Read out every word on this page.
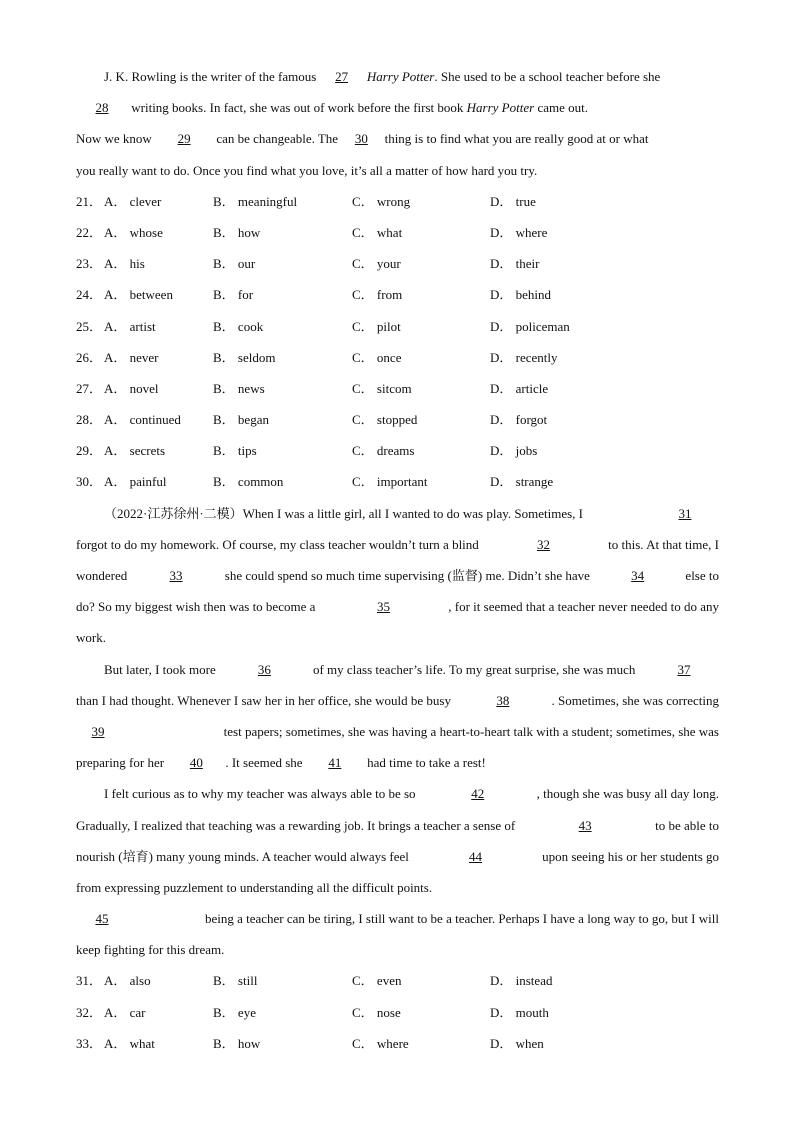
J. K. Rowling is the writer of the famous	27
	Harry Potter . She used to be a school teacher before she
28	writing books. In fact, she was out of work before the first book Harry Potter came out.
Now we know	29	can be changeable. The	30	thing is to find what you are really good at or what
you really want to do. Once you find what you love, it’s all a matter of how hard you try.
21． A． clever	B． meaningful	C． wrong	D． true
22． A． whose	B． how	C． what	D． where
23． A． his	B． our	C． your	D． their
24． A． between	B． for	C． from	D． behind
25． A． artist	B． cook	C． pilot	D． policeman
26． A． never	B． seldom	C． once	D． recently
27． A． novel	B． news	C． sitcom	D． article
28． A． continued B． began	C． stopped	D． forgot
29． A． secrets	B． tips	C． dreams	D． jobs
30． A． painful	B． common	C． important	D． strange
（2022·江苏徐州·二模）When I was a little girl, all I wanted to do was play. Sometimes, I	31
forgot to do my homework. Of course, my class teacher wouldn’t turn a blind	32	to this. At that time, I
wondered	33	she could spend so much time supervising (监督) me. Didn’t she have	34	else to
do? So my biggest wish then was to become a	35	, for it seemed that a teacher never needed to do any
work.
But later, I took more	36	of my class teacher’s life. To my great surprise, she was much	37
than I had thought. Whenever I saw her in her office, she would be busy	38	. Sometimes, she was correcting
39	test papers; sometimes, she was having a heart-to-heart talk with a student; sometimes, she was
preparing for her	40	. It seemed she	41	had time to take a rest!
I felt curious as to why my teacher was always able to be so	42	, though she was busy all day long.
Gradually, I realized that teaching was a rewarding job. It brings a teacher a sense of	43	to be able to
nourish (培育) many young minds. A teacher would always feel	44	upon seeing his or her students go
from expressing puzzlement to understanding all the difficult points.
45	being a teacher can be tiring, I still want to be a teacher. Perhaps I have a long way to go, but I will
keep fighting for this dream.
31． A． also	B． still	C． even	D． instead
32． A． car	B． eye	C． nose	D． mouth
33． A． what	B． how	C． where	D． when
